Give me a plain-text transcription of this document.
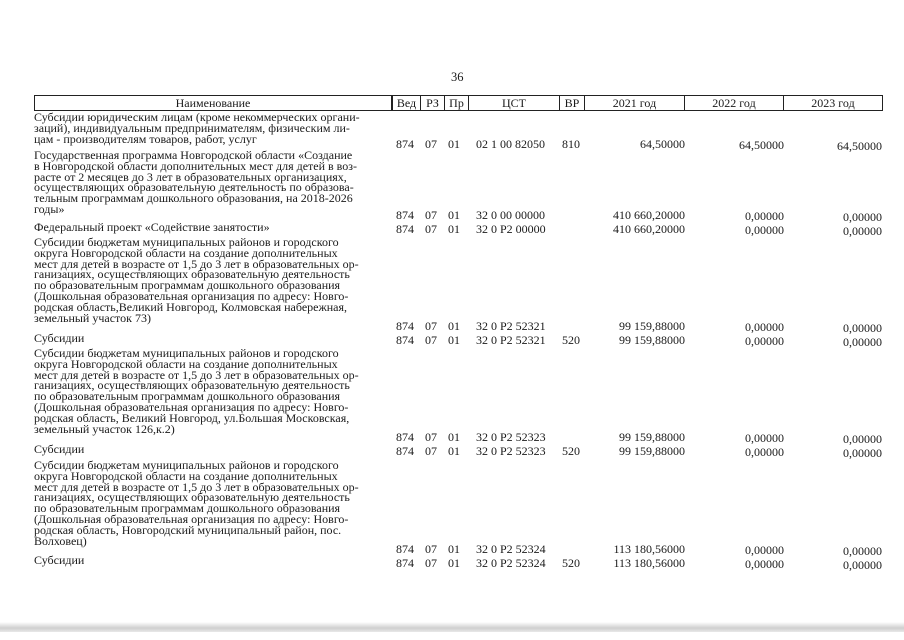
36
Наименование	Вед РЗ Пр	ЦСТ	ВР	2021 год	2022 год	2023 год
Субсидии юридическим лицам (кроме некоммерческих органи-
заций), индивидуальным предпринимателям, физическим ли-
цам - производителям товаров, работ, услуг	874 07 01 02 1 00 82050 810	64,50000	64,50000	64,50000
Государственная программа Новгородской области «Создание
в Новгородской области дополнительных мест для детей в воз-
расте от 2 месяцев до 3 лет в образовательных организациях,
осуществляющих образовательную деятельность по образова-
тельным программам дошкольного образования, на 2018-2026
годы»	874 07 01 32 0 00 00000	410 660,20000	0,00000	0,00000
Федеральный проект «Содействие занятости»	874 07 01 32 0 P2 00000	410 660,20000	0,00000	0,00000
Субсидии бюджетам муниципальных районов и городского
округа Новгородской области на создание дополнительных
мест для детей в возрасте от 1,5 до 3 лет в образовательных ор-
ганизациях, осуществляющих образовательную деятельность
по образовательным программам дошкольного образования
(Дошкольная образовательная организация по адресу: Новго-
родская область,Великий Новгород, Колмовская набережная,
земельный участок 73)
874 07 01 32 0 P2 52321	99 159,88000	0,00000	0,00000
Субсидии	874 07 01 32 0 P2 52321 520	99 159,88000	0,00000	0,00000
Субсидии бюджетам муниципальных районов и городского
округа Новгородской области на создание дополнительных
мест для детей в возрасте от 1,5 до 3 лет в образовательных ор-
ганизациях, осуществляющих образовательную деятельность
по образовательным программам дошкольного образования
(Дошкольная образовательная организация по адресу: Новго-
родская область, Великий Новгород, ул.Большая Московская,
земельный участок 126,к.2)
874 07 01 32 0 P2 52323	99 159,88000	0,00000	0,00000
Субсидии	874 07 01 32 0 P2 52323 520	99 159,88000	0,00000	0,00000
Субсидии бюджетам муниципальных районов и городского
округа Новгородской области на создание дополнительных
мест для детей в возрасте от 1,5 до 3 лет в образовательных ор-
ганизациях, осуществляющих образовательную деятельность
по образовательным программам дошкольного образования
(Дошкольная образовательная организация по адресу: Новго-
родская область, Новгородский муниципальный район, пос.
Волховец)
874 07 01 32 0 P2 52324	113 180,56000	0,00000	0,00000
Субсидии	874 07 01 32 0 P2 52324 520	113 180,56000	0,00000	0,00000
